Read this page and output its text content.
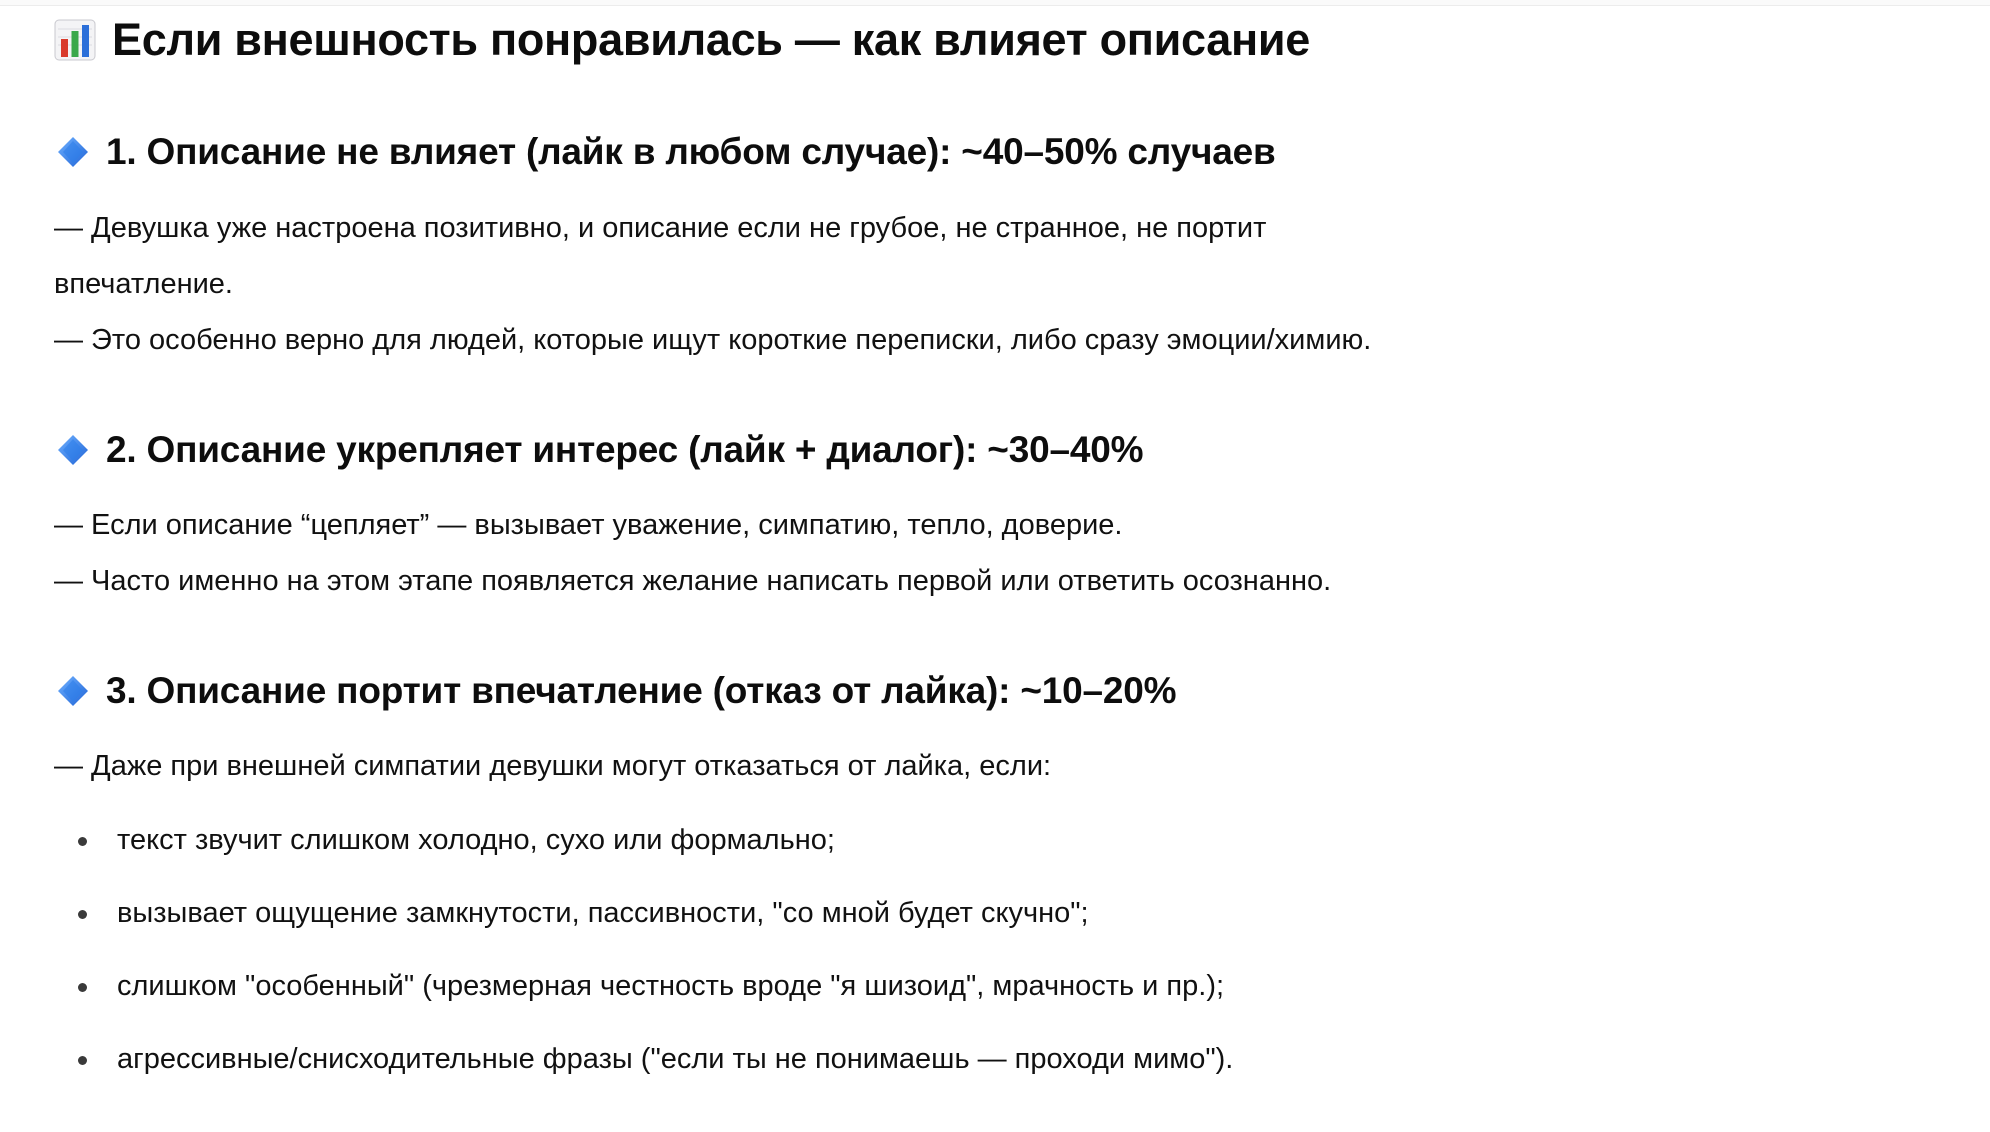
Если внешность понравилась — как влияет описание
1. Описание не влияет (лайк в любом случае): ~40–50% случаев
— Девушка уже настроена позитивно, и описание если не грубое, не странное, не портит
впечатление.
— Это особенно верно для людей, которые ищут короткие переписки, либо сразу эмоции/химию.
2. Описание укрепляет интерес (лайк + диалог): ~30–40%
— Если описание “цепляет” — вызывает уважение, симпатию, тепло, доверие.
— Часто именно на этом этапе появляется желание написать первой или ответить осознанно.
3. Описание портит впечатление (отказ от лайка): ~10–20%
— Даже при внешней симпатии девушки могут отказаться от лайка, если:
текст звучит слишком холодно, сухо или формально;
вызывает ощущение замкнутости, пассивности, "со мной будет скучно";
слишком "особенный" (чрезмерная честность вроде "я шизоид", мрачность и пр.);
агрессивные/снисходительные фразы ("если ты не понимаешь — проходи мимо").
